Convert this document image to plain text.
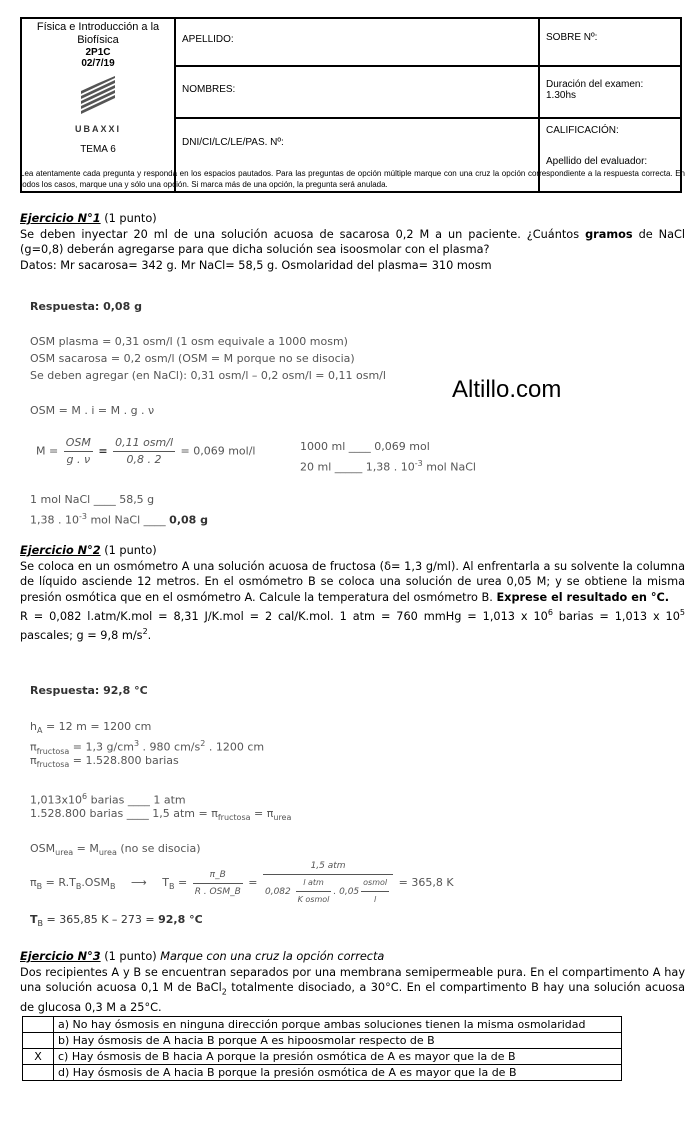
Física e Introducción a la Biofísica
2P1C
02/7/19
UBAXXI
TEMA 6	APELLIDO:	SOBRE Nº:
	NOMBRES:	Duración del examen: 1.30hs
	DNI/CI/LC/LE/PAS. Nº:	CALIFICACIÓN:
Apellido del evaluador:
Lea atentamente cada pregunta y responda en los espacios pautados. Para las preguntas de opción múltiple marque con una cruz la opción correspondiente a la respuesta correcta. En todos los casos, marque una y sólo una opción. Si marca más de una opción, la pregunta será anulada.
Ejercicio N°1 (1 punto)
Se deben inyectar 20 ml de una solución acuosa de sacarosa 0,2 M a un paciente. ¿Cuántos gramos de NaCl (g=0,8) deberán agregarse para que dicha solución sea isoosmolar con el plasma?
Datos: Mr sacarosa= 342 g. Mr NaCl= 58,5 g. Osmolaridad del plasma= 310 mosm
Respuesta: 0,08 g
OSM plasma = 0,31 osm/l (1 osm equivale a 1000 mosm)
OSM sacarosa = 0,2 osm/l (OSM = M porque no se disocia)
Se deben agregar (en NaCl): 0,31 osm/l – 0,2 osm/l = 0,11 osm/l
Altillo.com
OSM = M . i = M . g . ν
$M = \frac{\text{OSM}}{g . \nu} = \frac{\text{0,11 osm/l}}{0,8 . 2} = 0,069$ mol/l	1000 ml ____ 0,069 mol
20 ml _____ 1,38 . $10^{-3}$ mol NaCl
1 mol NaCl ____ 58,5 g
1,38 . $10^{-3}$ mol NaCl ____ 0,08 g
Ejercicio N°2 (1 punto)
Se coloca en un osmómetro A una solución acuosa de fructosa (δ= 1,3 g/ml). Al enfrentarla a su solvente la columna de líquido asciende 12 metros. En el osmómetro B se coloca una solución de urea 0,05 M; y se obtiene la misma presión osmótica que en el osmómetro A. Calcule la temperatura del osmómetro B. Exprese el resultado en °C.
R = 0,082 l.atm/K.mol = 8,31 J/K.mol = 2 cal/K.mol. 1 atm = 760 mmHg = 1,013 x $10^6$ barias = 1,013 x $10^5$ pascales; g = 9,8 $m/s^2$.
Respuesta: 92,8 °C
$h_A = 12$ m = 1200 cm
$\pi_{fructosa} = 1,3$ $g/cm^3$ . 980 $cm/s^2$ . 1200 cm
$\pi_{fructosa} = 1.528.800$ barias
$1,013x10^6$ barias ____ 1 atm
1.528.800 barias ____ 1,5 atm = $\pi_{fructosa} = \pi_{urea}$
$OSM_{urea} = M_{urea}$ (no se disocia)
$\pi_B = R.T_B.OSM_B$ ⟶ $T_B = \frac{\pi\_B}{\text{R . OSM\_B}} = \frac{\text{1,5 atm}}{0,082 \frac{\text{l atm}}{\text{K osmol}} . 0,05 \frac{\text{osmol}}{l}} = 365,8$ K
$T_B = 365,85$ K – 273 = 92,8 °C
Ejercicio N°3 (1 punto) Marque con una cruz la opción correcta
Dos recipientes A y B se encuentran separados por una membrana semipermeable pura. En el compartimento A hay una solución acuosa 0,1 M de BaCl$_2$ totalmente disociado, a 30°C. En el compartimento B hay una solución acuosa de glucosa 0,3 M a 25°C.
	a) No hay ósmosis en ninguna dirección porque ambas soluciones tienen la misma osmolaridad
	b) Hay ósmosis de A hacia B porque A es hipoosmolar respecto de B
X	c) Hay ósmosis de B hacia A porque la presión osmótica de A es mayor que la de B
	d) Hay ósmosis de A hacia B porque la presión osmótica de A es mayor que la de B
